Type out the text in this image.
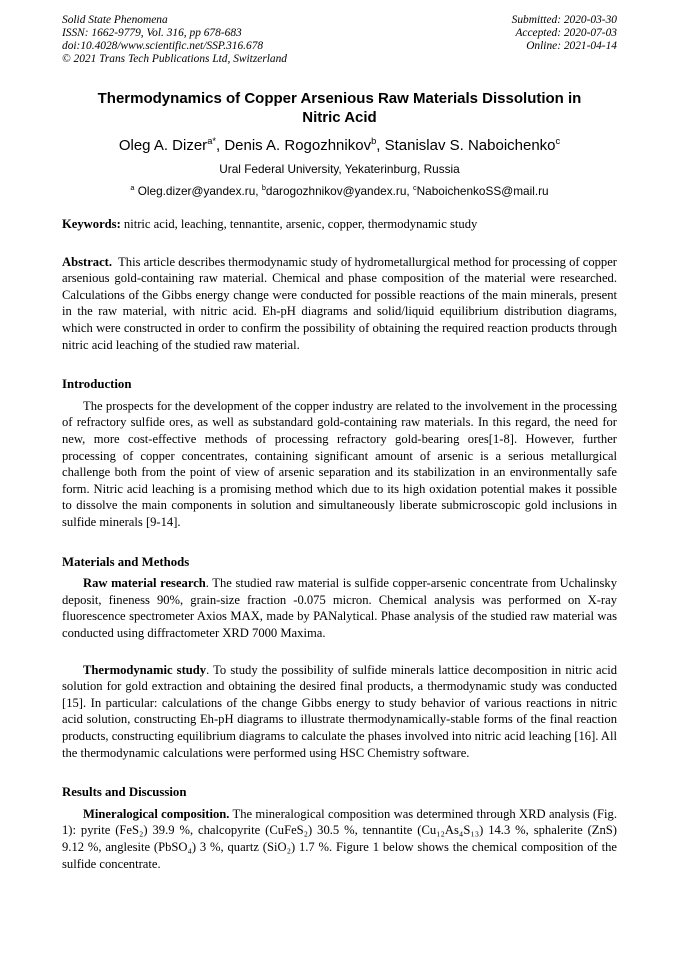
Solid State Phenomena
ISSN: 1662-9779, Vol. 316, pp 678-683
doi:10.4028/www.scientific.net/SSP.316.678
© 2021 Trans Tech Publications Ltd, Switzerland
Submitted: 2020-03-30
Accepted: 2020-07-03
Online: 2021-04-14
Thermodynamics of Copper Arsenious Raw Materials Dissolution in Nitric Acid
Oleg A. Dizer$^{a*}$, Denis A. Rogozhnikov$^b$, Stanislav S. Naboichenko$^c$
Ural Federal University, Yekaterinburg, Russia
$^a$ Oleg.dizer@yandex.ru, $^b$darogozhnikov@yandex.ru, $^c$NaboichenkoSS@mail.ru

Keywords: nitric acid, leaching, tennantite, arsenic, copper, thermodynamic study

Abstract. This article describes thermodynamic study of hydrometallurgical method for processing of copper arsenious gold-containing raw material. Chemical and phase composition of the material were researched. Calculations of the Gibbs energy change were conducted for possible reactions of the main minerals, present in the raw material, with nitric acid. Eh-pH diagrams and solid/liquid equilibrium distribution diagrams, which were constructed in order to confirm the possibility of obtaining the required reaction products through nitric acid leaching of the studied raw material.

Introduction

The prospects for the development of the copper industry are related to the involvement in the processing of refractory sulfide ores, as well as substandard gold-containing raw materials. In this regard, the need for new, more cost-effective methods of processing refractory gold-bearing ores[1-8]. However, further processing of copper concentrates, containing significant amount of arsenic is a serious metallurgical challenge both from the point of view of arsenic separation and its stabilization in an environmentally safe form. Nitric acid leaching is a promising method which due to its high oxidation potential makes it possible to dissolve the main components in solution and simultaneously liberate submicroscopic gold inclusions in sulfide minerals [9-14].

Materials and Methods

Raw material research. The studied raw material is sulfide copper-arsenic concentrate from Uchalinsky deposit, fineness 90%, grain-size fraction -0.075 micron. Chemical analysis was performed on X-ray fluorescence spectrometer Axios MAX, made by PANalytical. Phase analysis of the studied raw material was conducted using diffractometer XRD 7000 Maxima.

Thermodynamic study. To study the possibility of sulfide minerals lattice decomposition in nitric acid solution for gold extraction and obtaining the desired final products, a thermodynamic study was conducted [15]. In particular: calculations of the change Gibbs energy to study behavior of various reactions in nitric acid solution, constructing Eh-pH diagrams to illustrate thermodynamically-stable forms of the final reaction products, constructing equilibrium diagrams to calculate the phases involved into nitric acid leaching [16]. All the thermodynamic calculations were performed using HSC Chemistry software.

Results and Discussion

Mineralogical composition. The mineralogical composition was determined through XRD analysis (Fig. 1): pyrite (FeS₂) 39.9 %, chalcopyrite (CuFeS₂) 30.5 %, tennantite (Cu₁₂As₄S₁₃) 14.3 %, sphalerite (ZnS) 9.12 %, anglesite (PbSO₄) 3 %, quartz (SiO₂) 1.7 %. Figure 1 below shows the chemical composition of the sulfide concentrate.
